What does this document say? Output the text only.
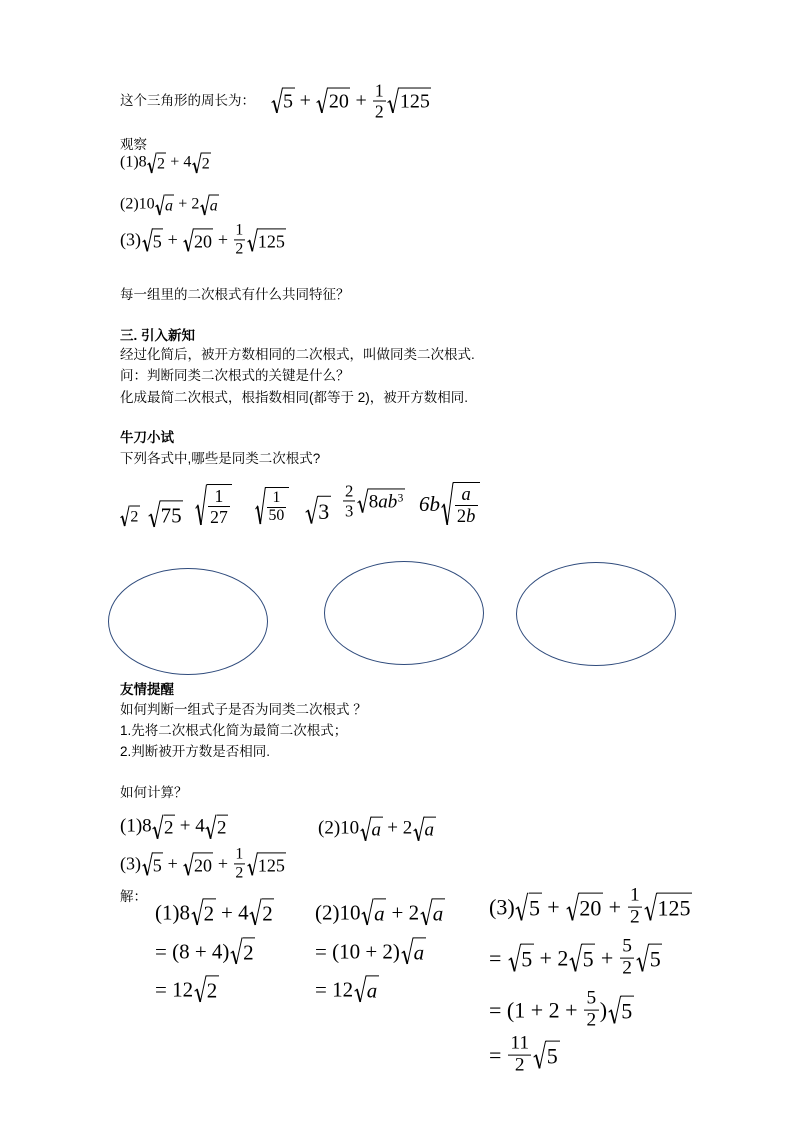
这个三角形的周长为： $5 + 20 + \frac{1}{2} 125$
观察
(1)8 2 + 4 2
(2)10 a + 2 a
(3) $5 + 20 + \frac{1}{2} 125$
每一组里的二次根式有什么共同特征？
三. 引入新知
经过化简后，被开方数相同的二次根式，叫做同类二次根式.
问：判断同类二次根式的关键是什么？
化成最简二次根式，根指数相同(都等于 2)，被开方数相同.
牛刀小试
下列各式中,哪些是同类二次根式?
2 $75 \frac{1}{27} \frac{1}{50} 3 \frac{2}{3} 8$ ab 3 $6b \frac{a}{2 b}$
友情提醒
如何判断一组式子是否为同类二次根式 ？
1.先将二次根式化简为最简二次根式；
2.判断被开方数是否相同.
如何计算？
(1)8 2 + 4 2	(2)10 a + 2 a
(3) $5 + 20 + \frac{1}{2} 125$
解：
(1)8 2 + 4 2
= (8 + 4) 2
= 12 2
(2)10 a + 2 a
= (10 + 2) a
= 12 a
(3) $5 + 20 + \frac{1}{2} 125$
= 5 + 2 $5 + \frac{5}{2} 5$
= ($1 + 2 + \frac{5}{2}$ ) 5
= $\frac{11}{2} 5$
